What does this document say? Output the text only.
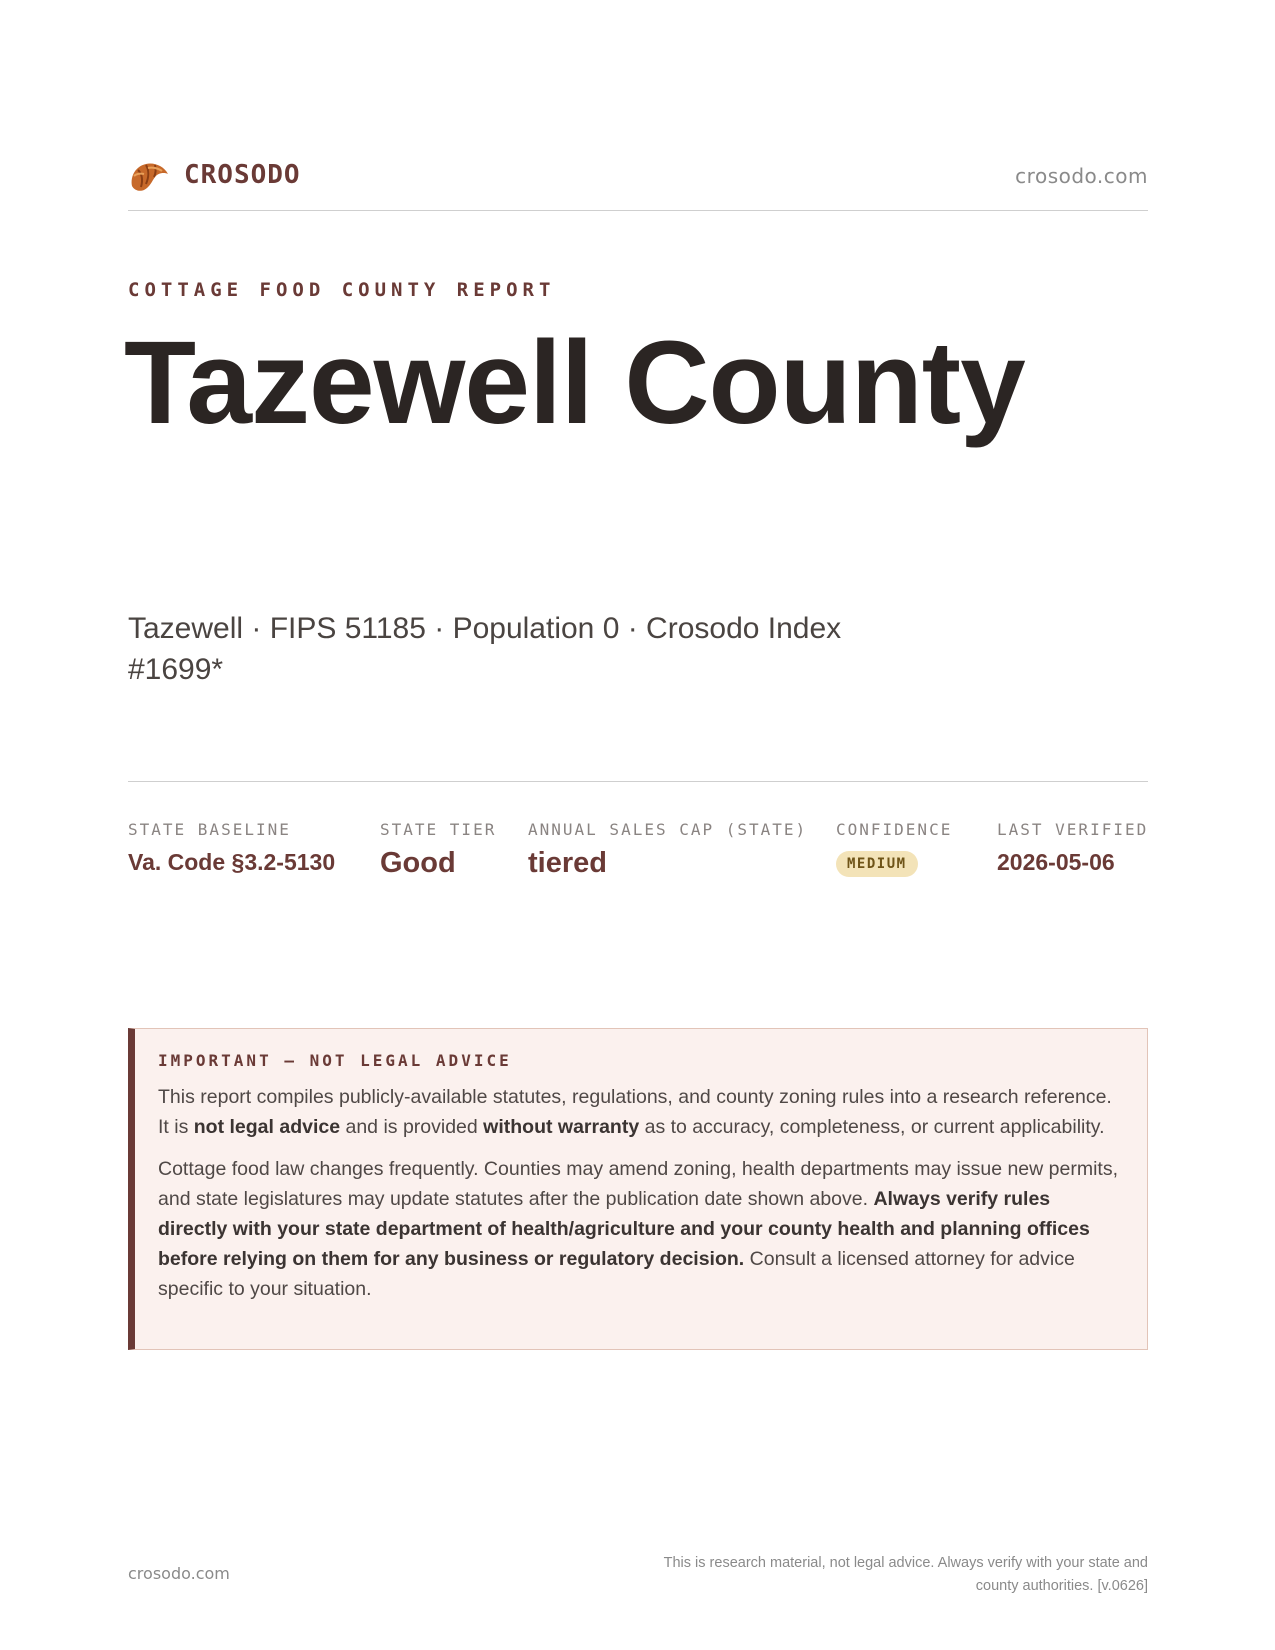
CROSODO	crosodo.com
COTTAGE FOOD COUNTY REPORT
Tazewell County
Tazewell · FIPS 51185 · Population 0 · Crosodo Index #1699*
STATE BASELINE
Va. Code §3.2-5130
STATE TIER
Good
ANNUAL SALES CAP (STATE)
tiered
CONFIDENCE
MEDIUM
LAST VERIFIED
2026-05-06
IMPORTANT — NOT LEGAL ADVICE

This report compiles publicly-available statutes, regulations, and county zoning rules into a research reference. It is not legal advice and is provided without warranty as to accuracy, completeness, or current applicability.

Cottage food law changes frequently. Counties may amend zoning, health departments may issue new permits, and state legislatures may update statutes after the publication date shown above. Always verify rules directly with your state department of health/agriculture and your county health and planning offices before relying on them for any business or regulatory decision. Consult a licensed attorney for advice specific to your situation.

crosodo.com
This is research material, not legal advice. Always verify with your state and county authorities. [v.0626]
